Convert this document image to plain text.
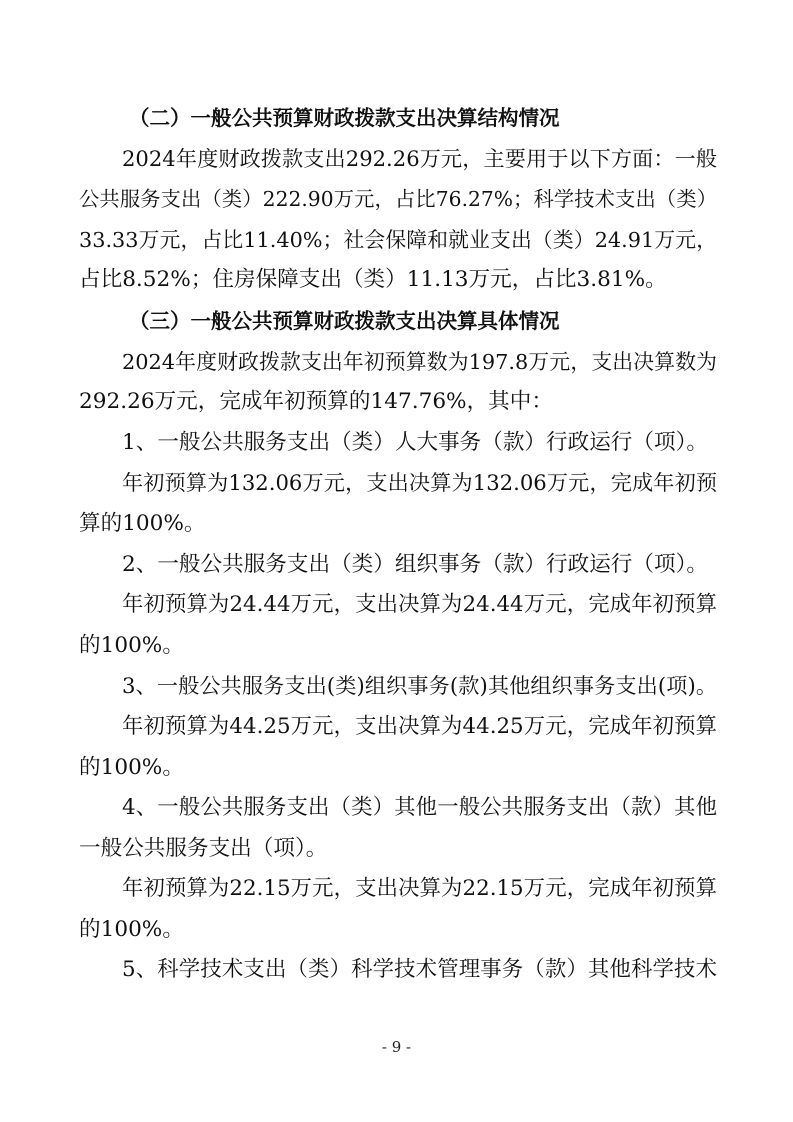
（二）一般公共预算财政拨款支出决算结构情况
2024年度财政拨款支出292.26万元，主要用于以下方面：一般
公共服务支出（类）222.90万元，占比76.27%；科学技术支出（类）
33.33万元，占比11.40%；社会保障和就业支出（类）24.91万元，
占比8.52%；住房保障支出（类）11.13万元，占比3.81%。
（三）一般公共预算财政拨款支出决算具体情况
2024年度财政拨款支出年初预算数为197.8万元，支出决算数为
292.26万元，完成年初预算的147.76%，其中：
1、一般公共服务支出（类）人大事务（款）行政运行（项）。
年初预算为132.06万元，支出决算为132.06万元，完成年初预
算的100%。
2、一般公共服务支出（类）组织事务（款）行政运行（项）。
年初预算为24.44万元，支出决算为24.44万元，完成年初预算
的100%。
3、一般公共服务支出(类)组织事务(款)其他组织事务支出(项)。
年初预算为44.25万元，支出决算为44.25万元，完成年初预算
的100%。
4、一般公共服务支出（类）其他一般公共服务支出（款）其他
一般公共服务支出（项）。
年初预算为22.15万元，支出决算为22.15万元，完成年初预算
的100%。
5、科学技术支出（类）科学技术管理事务（款）其他科学技术
- 9 -
